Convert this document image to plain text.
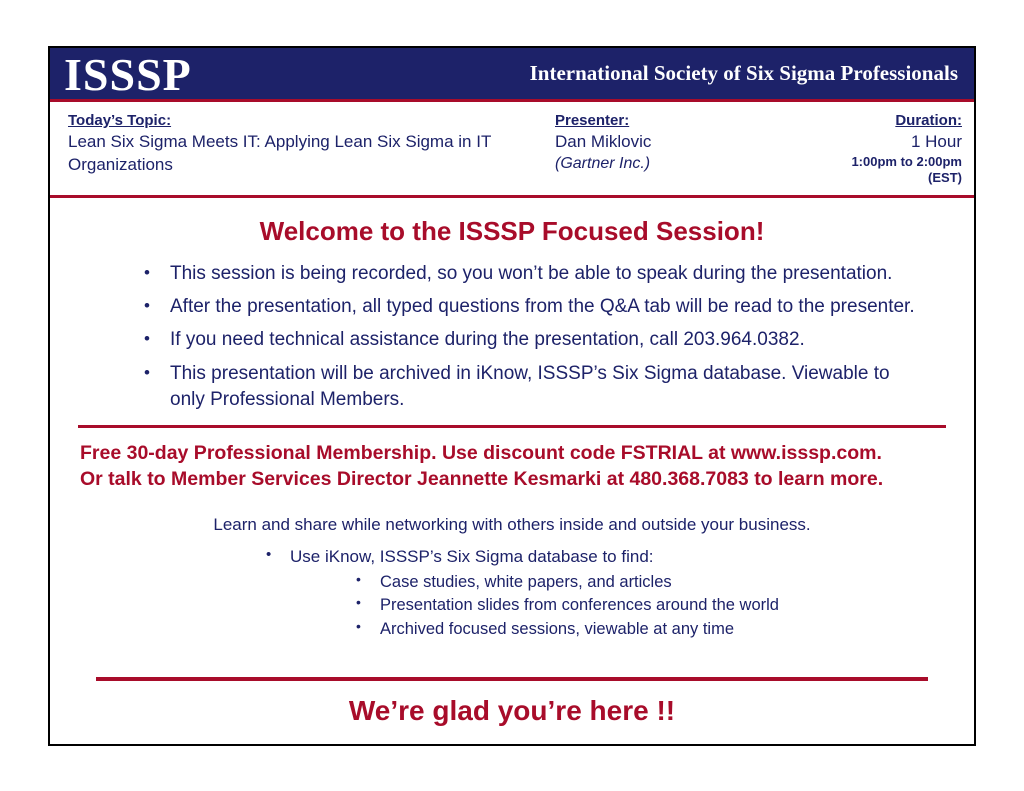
ISSSP	International Society of Six Sigma Professionals
Today’s Topic:
Lean Six Sigma Meets IT: Applying Lean Six Sigma in IT Organizations
Presenter:
Dan Miklovic
(Gartner Inc.)
Duration:
1 Hour
1:00pm to 2:00pm
(EST)
Welcome to the ISSSP Focused Session!
• This session is being recorded, so you won’t be able to speak during the presentation.
• After the presentation, all typed questions from the Q&A tab will be read to the presenter.
• If you need technical assistance during the presentation, call 203.964.0382.
• This presentation will be archived in iKnow, ISSSP’s Six Sigma database. Viewable to only Professional Members.
Free 30-day Professional Membership. Use discount code FSTRIAL at www.isssp.com.
Or talk to Member Services Director Jeannette Kesmarki at 480.368.7083 to learn more.
Learn and share while networking with others inside and outside your business.
• Use iKnow, ISSSP’s Six Sigma database to find:
• Case studies, white papers, and articles
• Presentation slides from conferences around the world
• Archived focused sessions, viewable at any time
We’re glad you’re here !!
